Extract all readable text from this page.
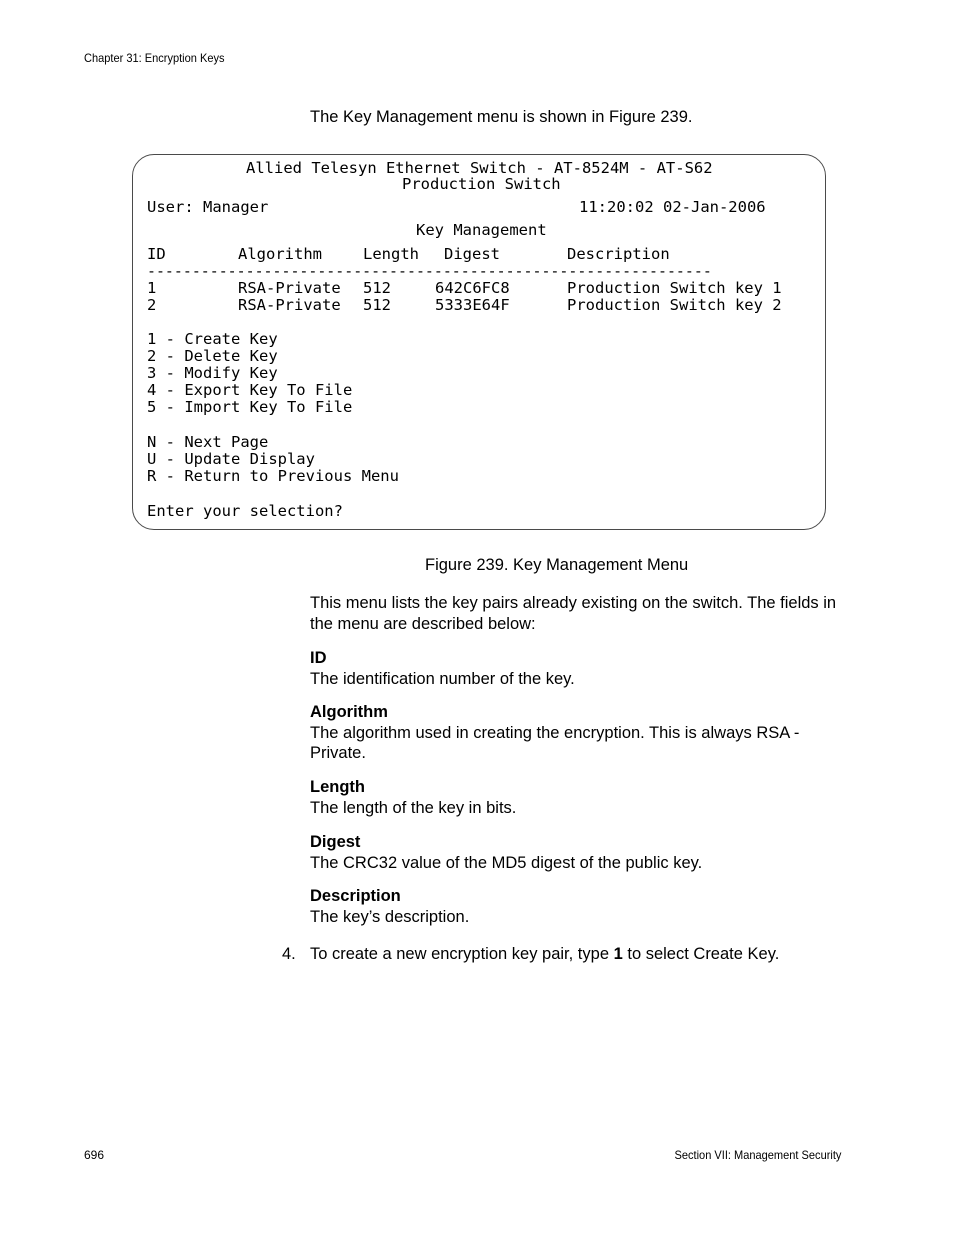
Chapter 31: Encryption Keys
The Key Management menu is shown in Figure 239.
Allied Telesyn Ethernet Switch - AT-8524M - AT-S62
Production Switch
User: Manager	11:20:02 02-Jan-2006
Key Management
ID	Algorithm	Length Digest	Description
---------------------------------------------------------------
1	RSA-Private 512	642C6FC8	Production Switch key 1
2	RSA-Private 512	5333E64F	Production Switch key 2
1 - Create Key
2 - Delete Key
3 - Modify Key
4 - Export Key To File
5 - Import Key To File
N - Next Page
U - Update Display
R - Return to Previous Menu
Enter your selection?
Figure 239. Key Management Menu
This menu lists the key pairs already existing on the switch. The fields in the menu are described below:
ID
The identification number of the key.
Algorithm
The algorithm used in creating the encryption. This is always RSA - Private.
Length
The length of the key in bits.
Digest
The CRC32 value of the MD5 digest of the public key.
Description
The key’s description.
4. To create a new encryption key pair, type 1 to select Create Key.
696	Section VII: Management Security
